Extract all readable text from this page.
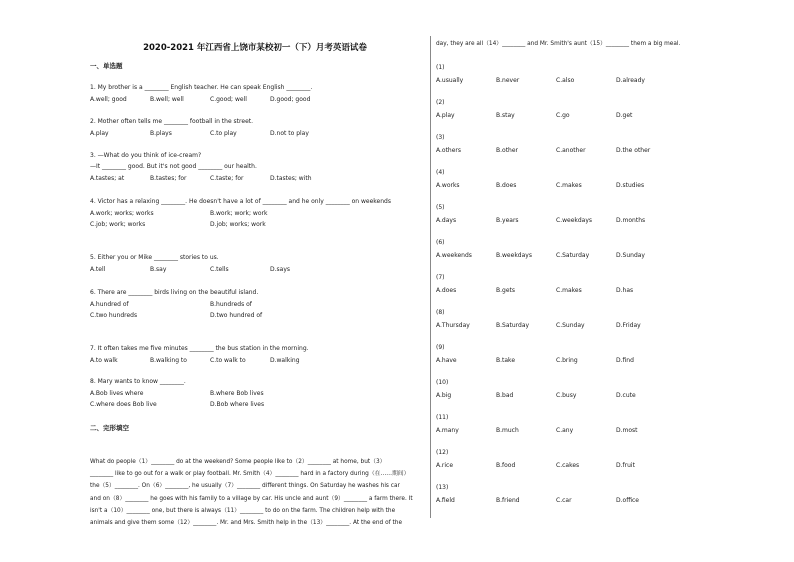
2020-2021 年江西省上饶市某校初一（下）月考英语试卷
一、单选题
1. My brother is a ________ English teacher. He can speak English ________.
A.well; good	B.well; well	C.good; well	D.good; good
2. Mother often tells me ________ football in the street.
A.play	B.plays	C.to play	D.not to play
3. —What do you think of ice-cream?
—It ________ good. But it's not good ________ our health.
A.tastes; at	B.tastes; for	C.taste; for	D.tastes; with
4. Victor has a relaxing ________. He doesn't have a lot of ________ and he only ________ on weekends
A.work; works; works	B.work; work; work
C.job; work; works	D.job; works; work
5. Either you or Mike ________ stories to us.
A.tell	B.say	C.tells	D.says
6. There are ________ birds living on the beautiful island.
A.hundred of	B.hundreds of
C.two hundreds	D.two hundred of
7. It often takes me five minutes ________ the bus station in the morning.
A.to walk	B.walking to	C.to walk to	D.walking
8. Mary wants to know ________.
A.Bob lives where	B.where Bob lives
C.where does Bob live	D.Bob where lives
二、完形填空
What do people（1）________ do at the weekend? Some people like to（2）________ at home, but（3）
________ like to go out for a walk or play football. Mr. Smith（4）________ hard in a factory during（在……期间）
the（5）________. On（6）________, he usually（7）________ different things. On Saturday he washes his car
and on（8）________ he goes with his family to a village by car. His uncle and aunt（9）________ a farm there. It
isn't a（10）________ one, but there is always（11）________ to do on the farm. The children help with the
animals and give them some（12）________. Mr. and Mrs. Smith help in the（13）________. At the end of the
day, they are all（14）________ and Mr. Smith's aunt（15）________ them a big meal.
(1)
A.usually	B.never	C.also	D.already
(2)
A.play	B.stay	C.go	D.get
(3)
A.others	B.other	C.another	D.the other
(4)
A.works	B.does	C.makes	D.studies
(5)
A.days	B.years	C.weekdays	D.months
(6)
A.weekends	B.weekdays	C.Saturday	D.Sunday
(7)
A.does	B.gets	C.makes	D.has
(8)
A.Thursday	B.Saturday	C.Sunday	D.Friday
(9)
A.have	B.take	C.bring	D.find
(10)
A.big	B.bad	C.busy	D.cute
(11)
A.many	B.much	C.any	D.most
(12)
A.rice	B.food	C.cakes	D.fruit
(13)
A.field	B.friend	C.car	D.office
